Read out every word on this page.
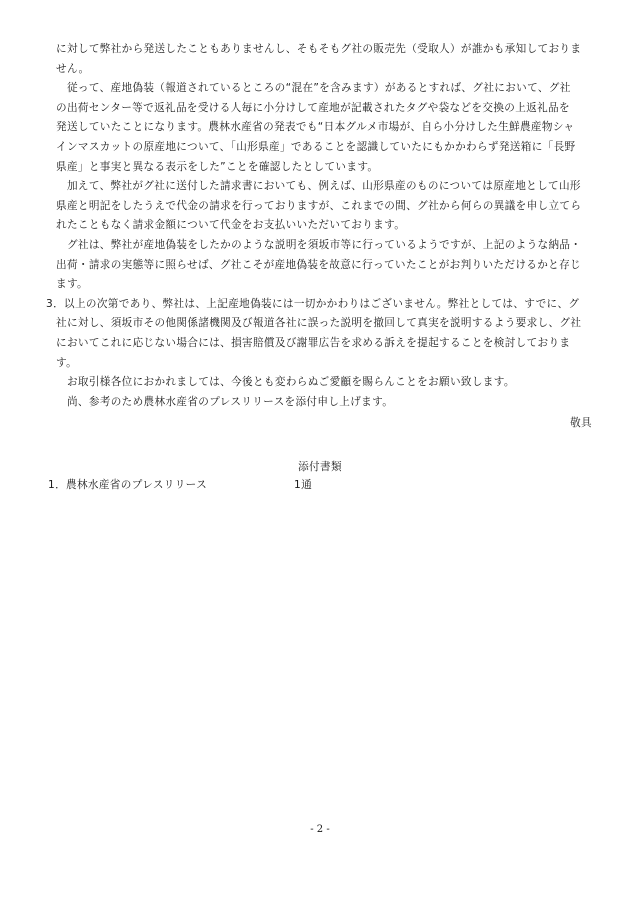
に対して弊社から発送したこともありませんし、そもそもグ社の販売先（受取人）が誰かも承知しておりま
せん。
　従って、産地偽装（報道されているところの“混在”を含みます）があるとすれば、グ社において、グ社
の出荷センター等で返礼品を受ける人毎に小分けして産地が記載されたタグや袋などを交換の上返礼品を
発送していたことになります。農林水産省の発表でも“日本グルメ市場が、自ら小分けした生鮮農産物シャ
インマスカットの原産地について、「山形県産」であることを認識していたにもかかわらず発送箱に「長野
県産」と事実と異なる表示をした”ことを確認したとしています。
　加えて、弊社がグ社に送付した請求書においても、例えば、山形県産のものについては原産地として山形
県産と明記をしたうえで代金の請求を行っておりますが、これまでの間、グ社から何らの異議を申し立てら
れたこともなく請求金額について代金をお支払いいただいております。
　グ社は、弊社が産地偽装をしたかのような説明を須坂市等に行っているようですが、上記のような納品・
出荷・請求の実態等に照らせば、グ社こそが産地偽装を故意に行っていたことがお判りいただけるかと存じ
ます。
3．以上の次第であり、弊社は、上記産地偽装には一切かかわりはございません。弊社としては、すでに、グ
社に対し、須坂市その他関係諸機関及び報道各社に誤った説明を撤回して真実を説明するよう要求し、グ社
においてこれに応じない場合には、損害賠償及び謝罪広告を求める訴えを提起することを検討しておりま
す。
　お取引様各位におかれましては、今後とも変わらぬご愛顧を賜らんことをお願い致します。
　尚、参考のため農林水産省のプレスリリースを添付申し上げます。
敬具
添付書類
1．農林水産省のプレスリリース	1通
- 2 -
